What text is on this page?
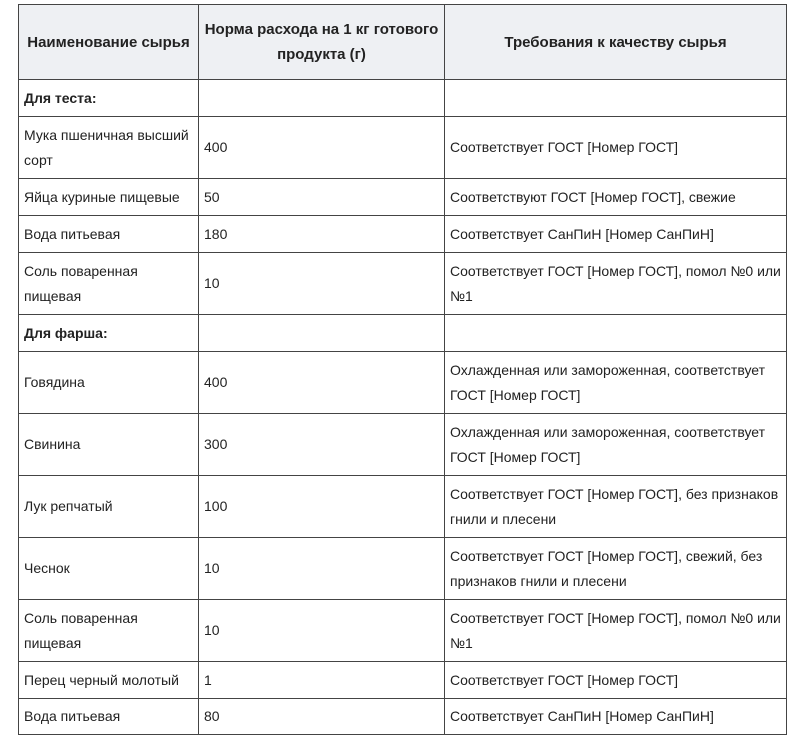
Наименование сырья	Норма расхода на 1 кг готового продукта (г)	Требования к качеству сырья
Для теста:		
Мука пшеничная высший сорт	400	Соответствует ГОСТ [Номер ГОСТ]
Яйца куриные пищевые	50	Соответствуют ГОСТ [Номер ГОСТ], свежие
Вода питьевая	180	Соответствует СанПиН [Номер СанПиН]
Соль поваренная пищевая	10	Соответствует ГОСТ [Номер ГОСТ], помол №0 или №1
Для фарша:		
Говядина	400	Охлажденная или замороженная, соответствует ГОСТ [Номер ГОСТ]
Свинина	300	Охлажденная или замороженная, соответствует ГОСТ [Номер ГОСТ]
Лук репчатый	100	Соответствует ГОСТ [Номер ГОСТ], без признаков гнили и плесени
Чеснок	10	Соответствует ГОСТ [Номер ГОСТ], свежий, без признаков гнили и плесени
Соль поваренная пищевая	10	Соответствует ГОСТ [Номер ГОСТ], помол №0 или №1
Перец черный молотый	1	Соответствует ГОСТ [Номер ГОСТ]
Вода питьевая	80	Соответствует СанПиН [Номер СанПиН]
